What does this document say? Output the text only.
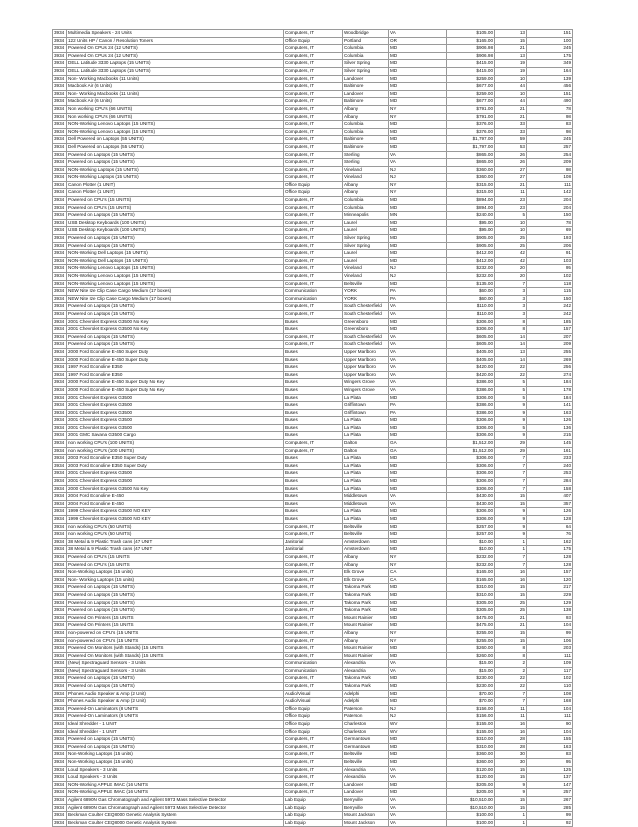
3934	Multimedia Speakers - 24 Units	Computers, IT	Woodbridge	VA	$105.00	13	151
3934	122 Units HP / Canon / Resolution Toners	Office Equip	Portland	OR	$165.00	15	100
3934	Powered On CPUs 24 (12 UNITS)	Computers, IT	Columbia	MD	$906.98	21	245
3934	Powered On CPUs 24 (12 UNITS)	Computers, IT	Columbia	MD	$906.98	13	175
3934	DELL Latitude 3330 Laptops (15 UNITS)	Computers, IT	Silver Spring	MD	$415.00	19	349
3934	DELL Latitude 3330 Laptops (15 UNITS)	Computers, IT	Silver Spring	MD	$415.00	19	164
3934	Non- Working Macbooks (11 Units)	Computers, IT	Landover	MD	$259.00	10	139
3934	Macbook Air (6 Units)	Computers, IT	Baltimore	MD	$677.00	44	456
3934	Non- Working Macbooks (11 Units)	Computers, IT	Landover	MD	$259.00	10	151
3934	Macbook Air (6 Units)	Computers, IT	Baltimore	MD	$677.00	44	490
3934	Non working CPU's (66 UNITS)	Computers, IT	Albany	NY	$791.00	21	78
3934	Non working CPU's (66 UNITS)	Computers, IT	Albany	NY	$791.00	21	98
3934	NON-Working Lenovo Laptops (15 UNITS)	Computers, IT	Columbia	MD	$376.00	33	83
3934	NON-Working Lenovo Laptops (15 UNITS)	Computers, IT	Columbia	MD	$376.00	33	98
3934	Dell Powered on Laptops (55 UNITS)	Computers, IT	Baltimore	MD	$1,797.00	59	245
3934	Dell Powered on Laptops (55 UNITS)	Computers, IT	Baltimore	MD	$1,797.00	53	257
3934	Powered on Laptops (15 UNITS)	Computers, IT	Sterling	VA	$865.00	26	254
3934	Powered on Laptops (15 UNITS)	Computers, IT	Sterling	VA	$865.00	26	209
3934	NON-Working Laptops (15 UNITS)	Computers, IT	Vineland	NJ	$360.00	27	98
3934	NON-Working Laptops (15 UNITS)	Computers, IT	Vineland	NJ	$360.00	27	108
3934	Canon Plotter (1 UNIT)	Office Equip	Albany	NY	$315.00	21	111
3934	Canon Plotter (1 UNIT)	Office Equip	Albany	NY	$315.00	11	142
3934	Powered on CPU's (15 UNITS)	Computers, IT	Columbia	MD	$894.00	23	204
3934	Powered on CPU's (15 UNITS)	Computers, IT	Columbia	MD	$894.00	23	204
3934	Powered on Laptops (15 UNITS)	Computers, IT	Minneapolis	MN	$240.00	5	150
3934	USB Desktop Keyboards (100 UNITS)	Computers, IT	Laurel	MD	$95.00	10	78
3934	USB Desktop Keyboards (100 UNITS)	Computers, IT	Laurel	MD	$95.00	10	69
3934	Powered on Laptops (15 UNITS)	Computers, IT	Silver Spring	MD	$905.00	25	193
3934	Powered on Laptops (15 UNITS)	Computers, IT	Silver Spring	MD	$905.00	25	206
3934	NON-Working Dell Laptops (15 UNITS)	Computers, IT	Laurel	MD	$412.00	42	91
3934	NON-Working Dell Laptops (15 UNITS)	Computers, IT	Laurel	MD	$412.00	42	103
3934	NON-Working Lenovo Laptops (15 UNITS)	Computers, IT	Vineland	NJ	$232.00	20	95
3934	NON-Working Lenovo Laptops (15 UNITS)	Computers, IT	Vineland	NJ	$232.00	20	102
3934	NON-Working Lenovo Laptops (15 UNITS)	Computers, IT	Beltsville	MD	$135.00	7	118
3934	NEW Nite Ize Clip Case Cargo Medium (17 boxes)	Communication	YORK	PA	$60.00	3	115
3934	NEW Nite Ize Clip Case Cargo Medium (17 boxes)	Communication	YORK	PA	$60.00	3	150
3934	Powered on Laptops (15 UNITS)	Computers, IT	South Chesterfield	VA	$110.00	3	242
3934	Powered on Laptops (15 UNITS)	Computers, IT	South Chesterfield	VA	$110.00	3	242
3934	2001 Chevrolet Express G3500 No Key	Buses	Greensboro	MD	$306.00	8	185
3934	2001 Chevrolet Express G3500 No Key	Buses	Greensboro	MD	$306.00	8	157
3934	Powered on Laptops (15 UNITS)	Computers, IT	South Chesterfield	VA	$605.00	14	207
3934	Powered on Laptops (15 UNITS)	Computers, IT	South Chesterfield	VA	$605.00	14	209
3934	2000 Ford Econoline E-450 Super Duty	Buses	Upper Marlboro	VA	$405.00	13	255
3934	2000 Ford Econoline E-450 Super Duty	Buses	Upper Marlboro	VA	$405.00	14	269
3934	1997 Ford Econoline E350	Buses	Upper Marlboro	VA	$420.00	22	256
3934	1997 Ford Econoline E350	Buses	Upper Marlboro	VA	$420.00	22	274
3934	2000 Ford Econoline E-450 Super Duty No Key	Buses	Wingers Grove	VA	$386.00	5	184
3934	2000 Ford Econoline E-450 Super Duty No Key	Buses	Wingers Grove	VA	$386.00	5	178
3934	2001 Chevrolet Express G3500	Buses	La Plata	MD	$306.00	5	184
3934	2001 Chevrolet Express G3500	Buses	Griffintown	PA	$386.00	9	141
3934	2001 Chevrolet Express G3500	Buses	Griffintown	PA	$386.00	9	163
3934	2001 Chevrolet Express G3500	Buses	La Plata	MD	$306.00	9	126
3934	2001 Chevrolet Express G3500	Buses	La Plata	MD	$306.00	5	136
3934	2001 GMC Savana G3500 Cargo	Buses	La Plata	MD	$306.00	9	215
3934	non working CPU's (100 UNITS)	Computers, IT	Dalton	GA	$1,512.00	29	145
3934	non working CPU's (100 UNITS)	Computers, IT	Dalton	GA	$1,512.00	29	161
3934	2003 Ford Econoline E350 Super Duty	Buses	La Plata	MD	$306.00	7	233
3934	2003 Ford Econoline E350 Super Duty	Buses	La Plata	MD	$306.00	7	240
3934	2001 Chevrolet Express G3500	Buses	La Plata	MD	$306.00	7	253
3934	2001 Chevrolet Express G3500	Buses	La Plata	MD	$306.00	7	284
3934	2000 Chevrolet Express G3500 No Key	Buses	La Plata	MD	$306.00	7	158
3934	2004 Ford Econoline E-450	Buses	Middletown	VA	$430.00	15	407
3934	2004 Ford Econoline E-450	Buses	Middletown	VA	$430.00	15	357
3934	1999 Chevrolet Express G3500 NO KEY	Buses	La Plata	MD	$306.00	9	126
3934	1999 Chevrolet Express G3500 NO KEY	Buses	La Plata	MD	$306.00	9	128
3934	non working CPU's (50 UNITS)	Computers, IT	Beltsville	MD	$257.00	9	64
3934	non working CPU's (50 UNITS)	Computers, IT	Beltsville	MD	$257.00	9	76
3934	38 Metal & 9 Plastic Trash cans (47 UNIT	Janitorial	Amsterdown	MD	$10.00	1	162
3934	38 Metal & 9 Plastic Trash cans (47 UNIT	Janitorial	Amsterdown	MD	$10.00	1	175
3934	Powered on CPU's (15 UNITS	Computers, IT	Albany	NY	$232.00	7	128
3934	Powered on CPU's (15 UNITS	Computers, IT	Albany	NY	$232.00	7	128
3934	Non-Working Laptops (15 units)	Computers, IT	Elk Grove	CA	$165.00	16	157
3934	Non- Working Laptops (15 units)	Computers, IT	Elk Grove	CA	$165.00	16	120
3934	Powered on Laptops (15 UNITS)	Computers, IT	Takoma Park	MD	$310.00	15	217
3934	Powered on Laptops (15 UNITS)	Computers, IT	Takoma Park	MD	$310.00	15	229
3934	Powered on Laptops (15 UNITS)	Computers, IT	Takoma Park	MD	$305.00	25	129
3934	Powered on Laptops (15 UNITS)	Computers, IT	Takoma Park	MD	$305.00	25	138
3934	Powered On Printers (15 UNITS	Computers, IT	Mount Rainier	MD	$475.00	21	93
3934	Powered On Printers (15 UNITS	Computers, IT	Mount Rainier	MD	$475.00	21	104
3934	non-powered on CPU's (15 UNITS	Computers, IT	Albany	NY	$255.00	15	99
3934	non-powered on CPU's (15 UNITS	Computers, IT	Albany	NY	$255.00	15	106
3934	Powered On Monitors (with Stands) (15 UNITS	Computers, IT	Mount Rainier	MD	$260.00	8	203
3934	Powered On Monitors (with Stands) (15 UNITS	Computers, IT	Mount Rainier	MD	$260.00	8	111
3934	(New) Spectraguard Sensors - 3 Units	Communication	Alexandria	VA	$15.00	2	109
3934	(New) Spectraguard Sensors - 3 Units	Communication	Alexandria	VA	$15.00	2	117
3934	Powered on Laptops (15 UNITS)	Computers, IT	Takoma Park	MD	$230.00	22	102
3934	Powered on Laptops (15 UNITS)	Computers, IT	Takoma Park	MD	$230.00	22	110
3934	Phones Audio Speaker & Amp (2 Unit)	Audio/Visual	Adelphi	MD	$70.00	7	108
3934	Phones Audio Speaker & Amp (2 Unit)	Audio/Visual	Adelphi	MD	$70.00	7	168
3934	Powered-On Laminators (8 UNITS	Office Equip	Paterson	NJ	$156.00	11	104
3934	Powered-On Laminators (8 UNITS	Office Equip	Paterson	NJ	$156.00	11	111
3934	Ideal Shredder - 1 UNIT	Office Equip	Charleston	WV	$155.00	16	90
3934	Ideal Shredder - 1 UNIT	Office Equip	Charleston	WV	$155.00	16	104
3934	Powered on Laptops (15 UNITS)	Computers, IT	Germantown	MD	$310.00	28	155
3934	Powered on Laptops (15 UNITS)	Computers, IT	Germantown	MD	$310.00	28	163
3934	Non-Working Laptops (15 units)	Computers, IT	Beltsville	MD	$360.00	30	83
3934	Non-Working Laptops (15 units)	Computers, IT	Beltsville	MD	$360.00	30	95
3934	Loud Speakers - 3 Units	Computers, IT	Alexandria	VA	$120.00	15	125
3934	Loud Speakers - 3 Units	Computers, IT	Alexandria	VA	$120.00	15	137
3934	NON-Working APPLE IMAC (16 UNITS	Computers, IT	Landover	MD	$205.00	9	147
3934	NON-Working APPLE IMAC (16 UNITS	Computers, IT	Landover	MD	$205.00	9	257
3934	Agilent 6890N Gas Chromatograph and Agilent 5973 Mass Selective Detector	Lab Equip	Berryville	VA	$10,510.00	15	267
3934	Agilent 6890N Gas Chromatograph and Agilent 5973 Mass Selective Detector	Lab Equip	Berryville	VA	$10,510.00	15	285
3934	Beckman Coulter CEQ8000 Genetic Analysis System	Lab Equip	Mount Jackson	VA	$100.00	1	99
3934	Beckman Coulter CEQ8000 Genetic Analysis System	Lab Equip	Mount Jackson	VA	$100.00	1	92
